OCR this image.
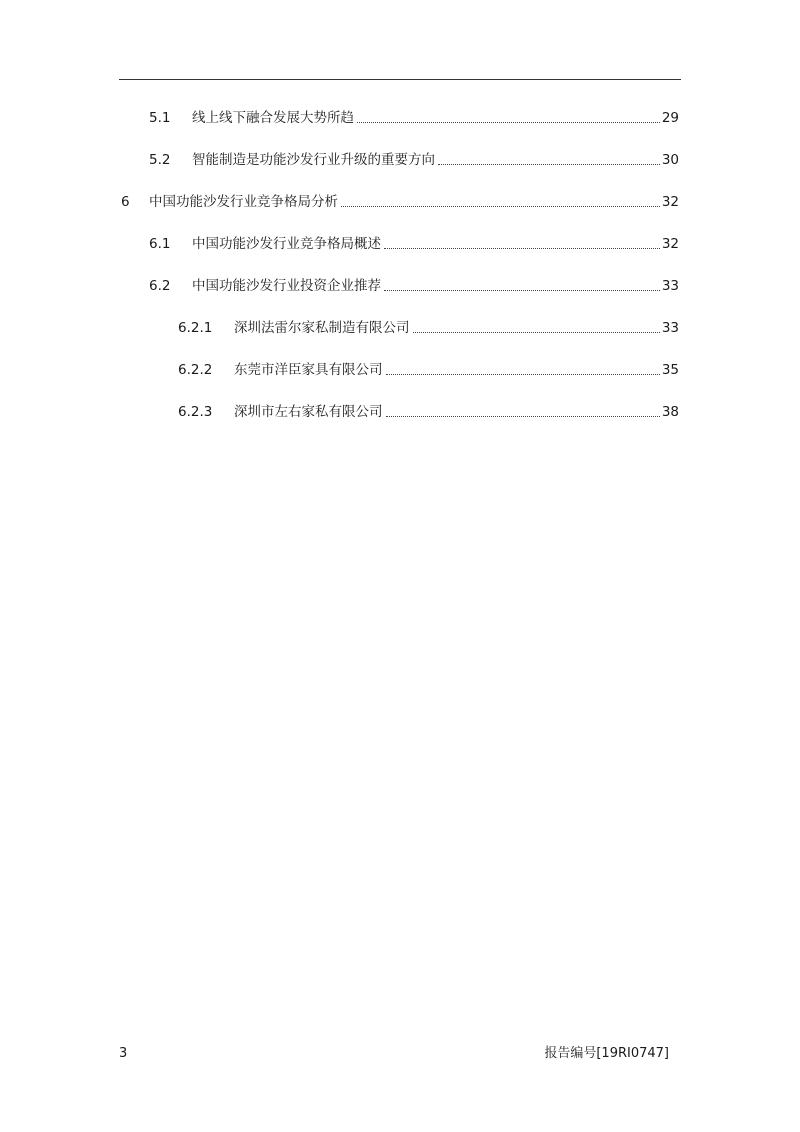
5.1	线上线下融合发展大势所趋	29
5.2	智能制造是功能沙发行业升级的重要方向	30
6	中国功能沙发行业竞争格局分析	32
6.1	中国功能沙发行业竞争格局概述	32
6.2	中国功能沙发行业投资企业推荐	33
6.2.1	深圳法雷尔家私制造有限公司	33
6.2.2	东莞市洋臣家具有限公司	35
6.2.3	深圳市左右家私有限公司	38
3	报告编号[19RI0747]
